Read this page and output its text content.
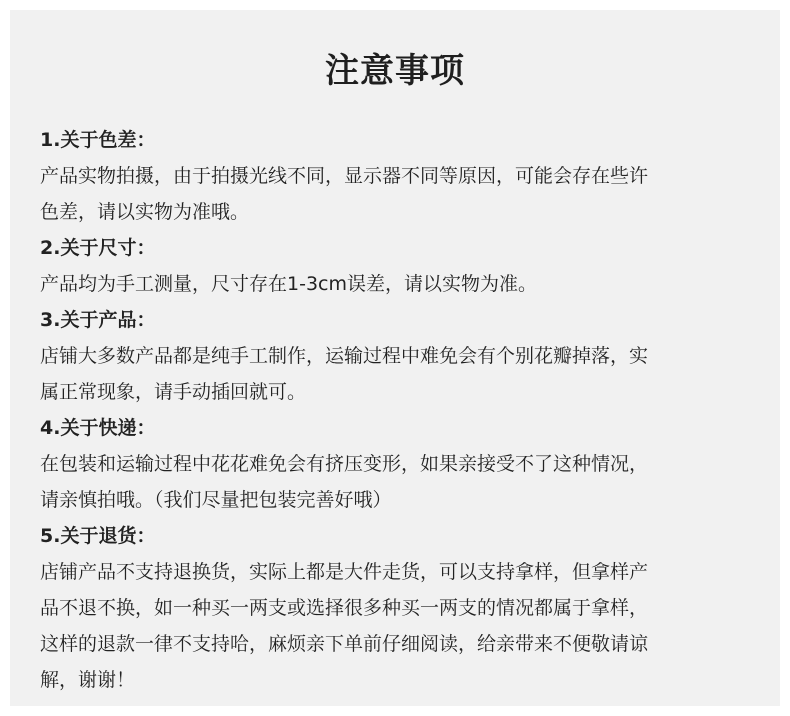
注意事项
1.关于色差：
产品实物拍摄，由于拍摄光线不同，显示器不同等原因，可能会存在些许
色差，请以实物为准哦。
2.关于尺寸：
产品均为手工测量，尺寸存在1-3cm误差，请以实物为准。
3.关于产品：
店铺大多数产品都是纯手工制作，运输过程中难免会有个别花瓣掉落，实
属正常现象，请手动插回就可。
4.关于快递：
在包装和运输过程中花花难免会有挤压变形，如果亲接受不了这种情况，
请亲慎拍哦。（我们尽量把包装完善好哦）
5.关于退货：
店铺产品不支持退换货，实际上都是大件走货，可以支持拿样，但拿样产
品不退不换，如一种买一两支或选择很多种买一两支的情况都属于拿样，
这样的退款一律不支持哈，麻烦亲下单前仔细阅读，给亲带来不便敬请谅
解，谢谢！
